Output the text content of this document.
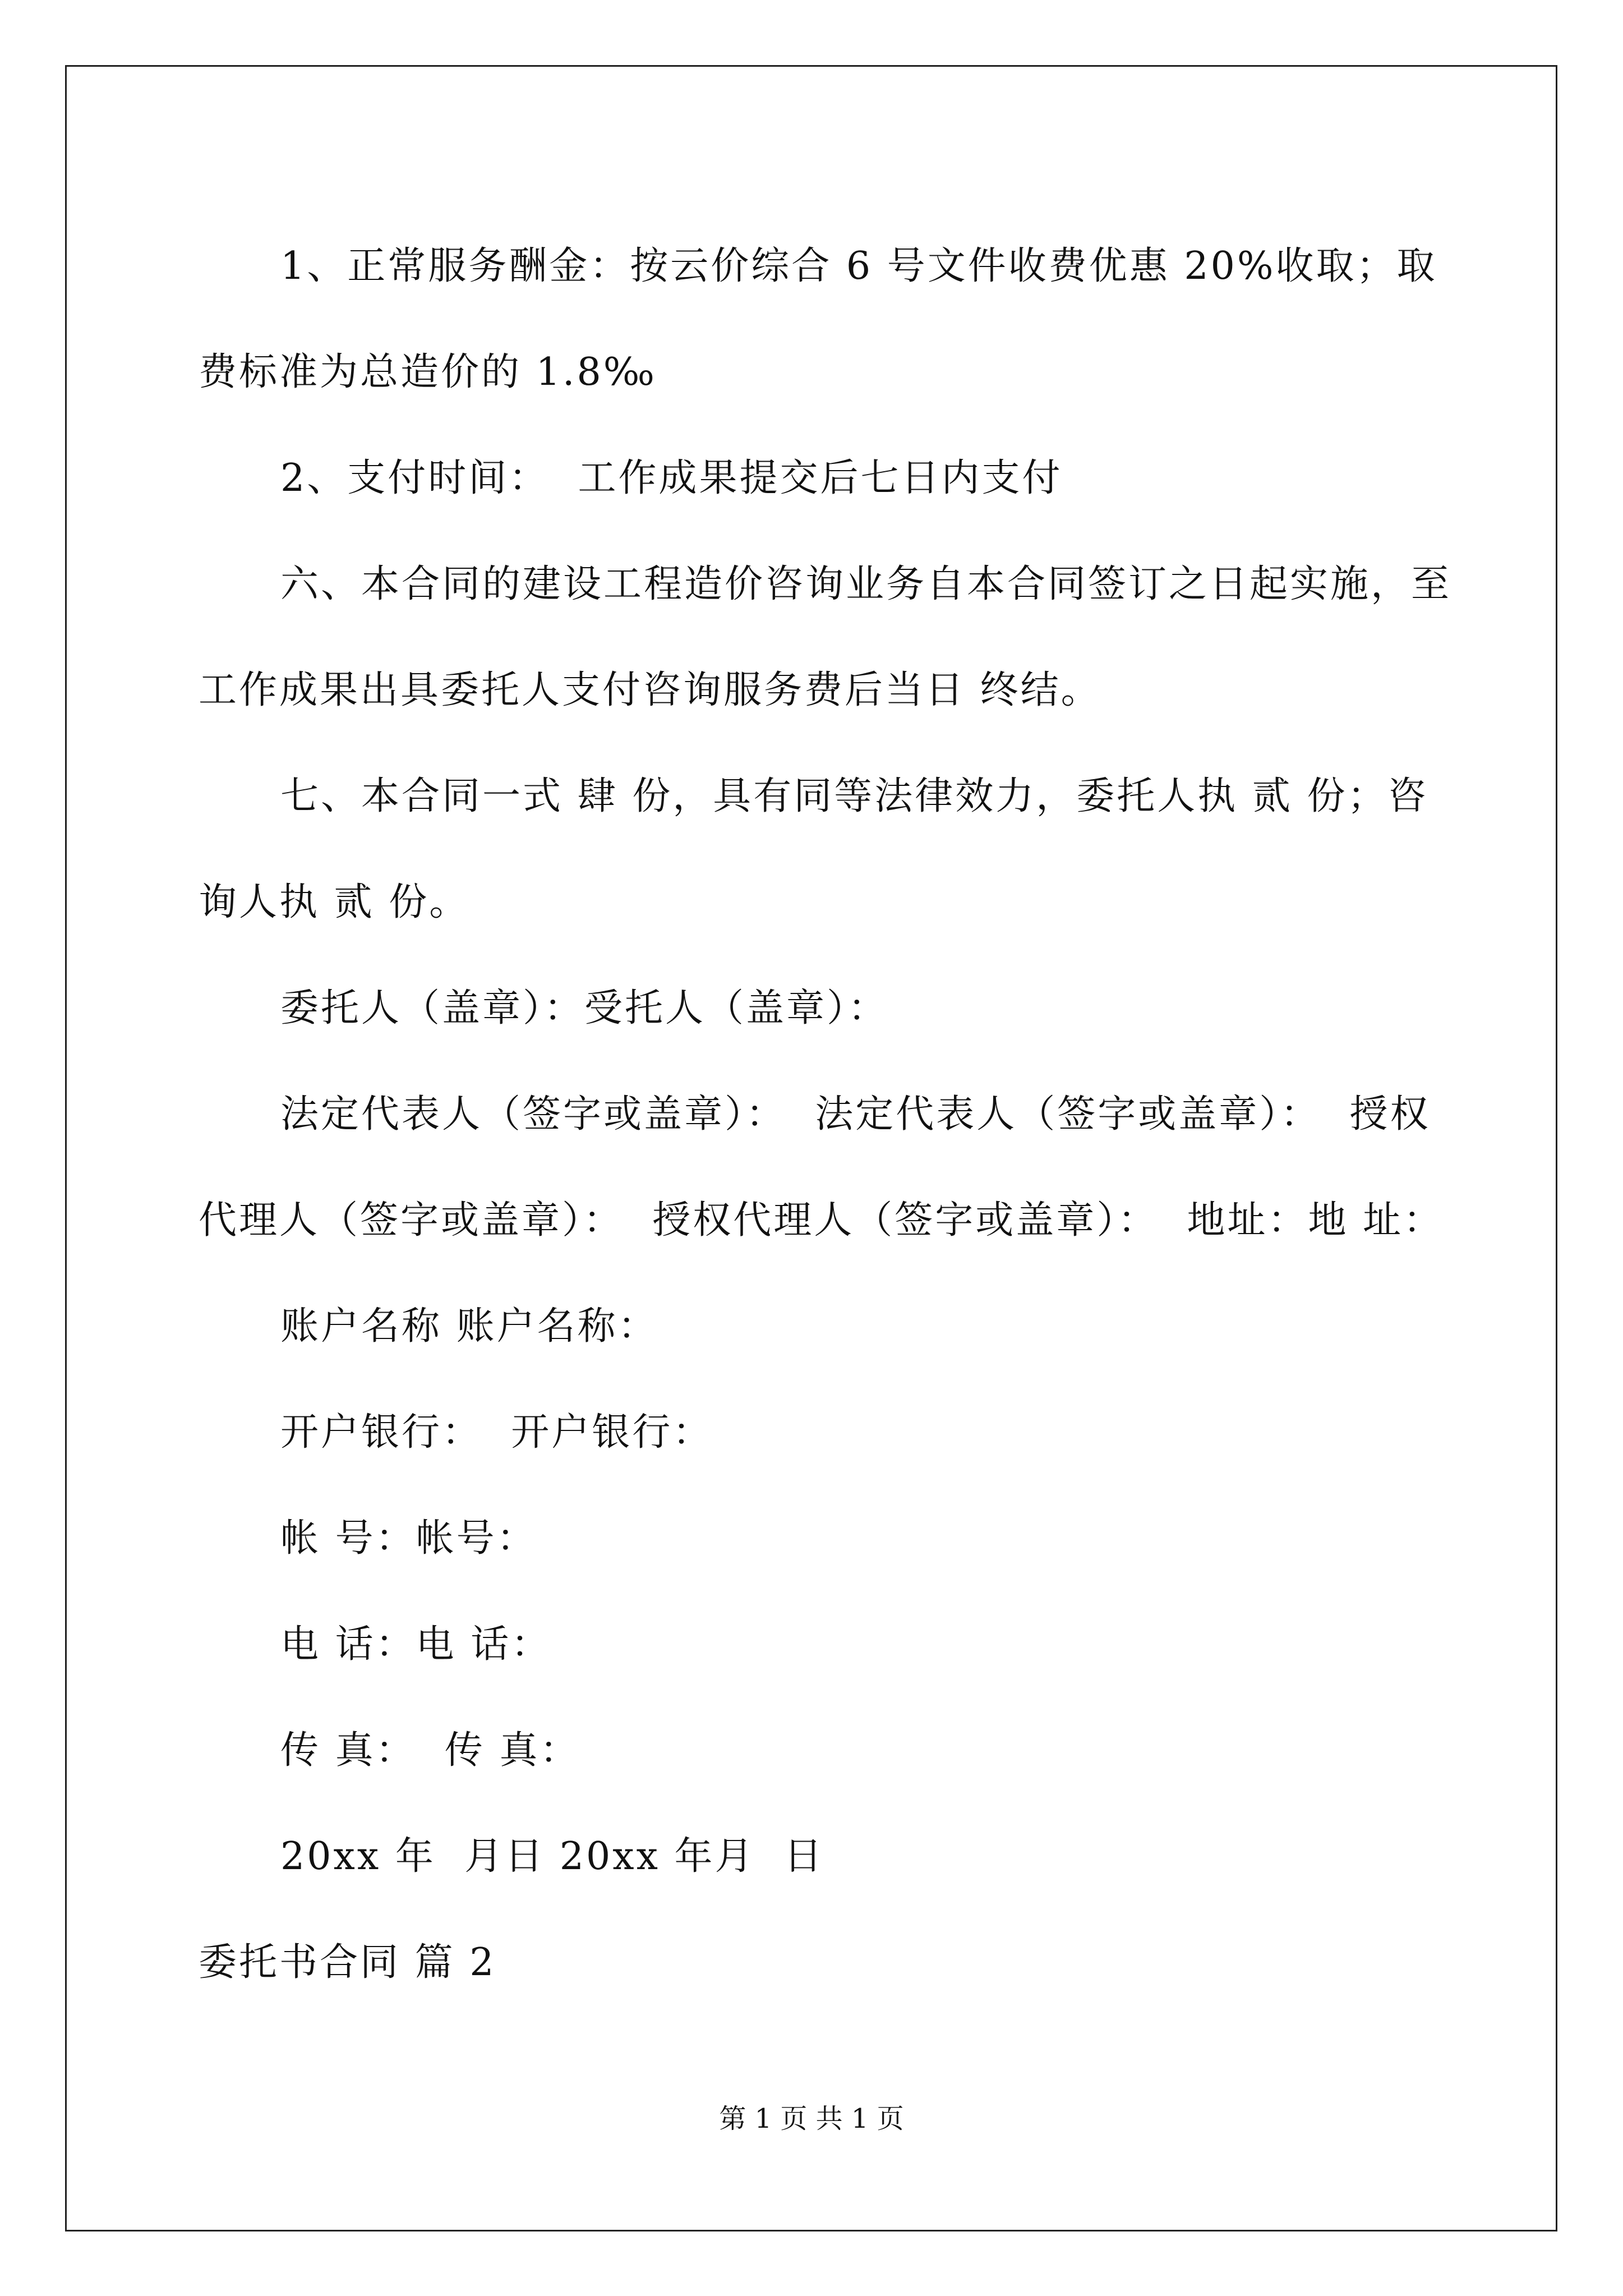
1、正常服务酬金：按云价综合 6 号文件收费优惠 20%收取；取费标准为总造价的 1.8‰

2、支付时间：  工作成果提交后七日内支付

六、本合同的建设工程造价咨询业务自本合同签订之日起实施，至 工作成果出具委托人支付咨询服务费后当日 终结。

七、本合同一式 肆 份，具有同等法律效力，委托人执 贰 份；咨询人执 贰 份。

委托人（盖章）：受托人（盖章）：

法定代表人（签字或盖章）：  法定代表人（签字或盖章）：  授权代理人（签字或盖章）：  授权代理人（签字或盖章）：  地址：地 址：

账户名称 账户名称：

开户银行：  开户银行：

帐 号：帐号：

电 话：电 话：

传 真：  传 真：

20xx 年  月日 20xx 年月  日

委托书合同 篇 2

第 1 页 共 1 页
